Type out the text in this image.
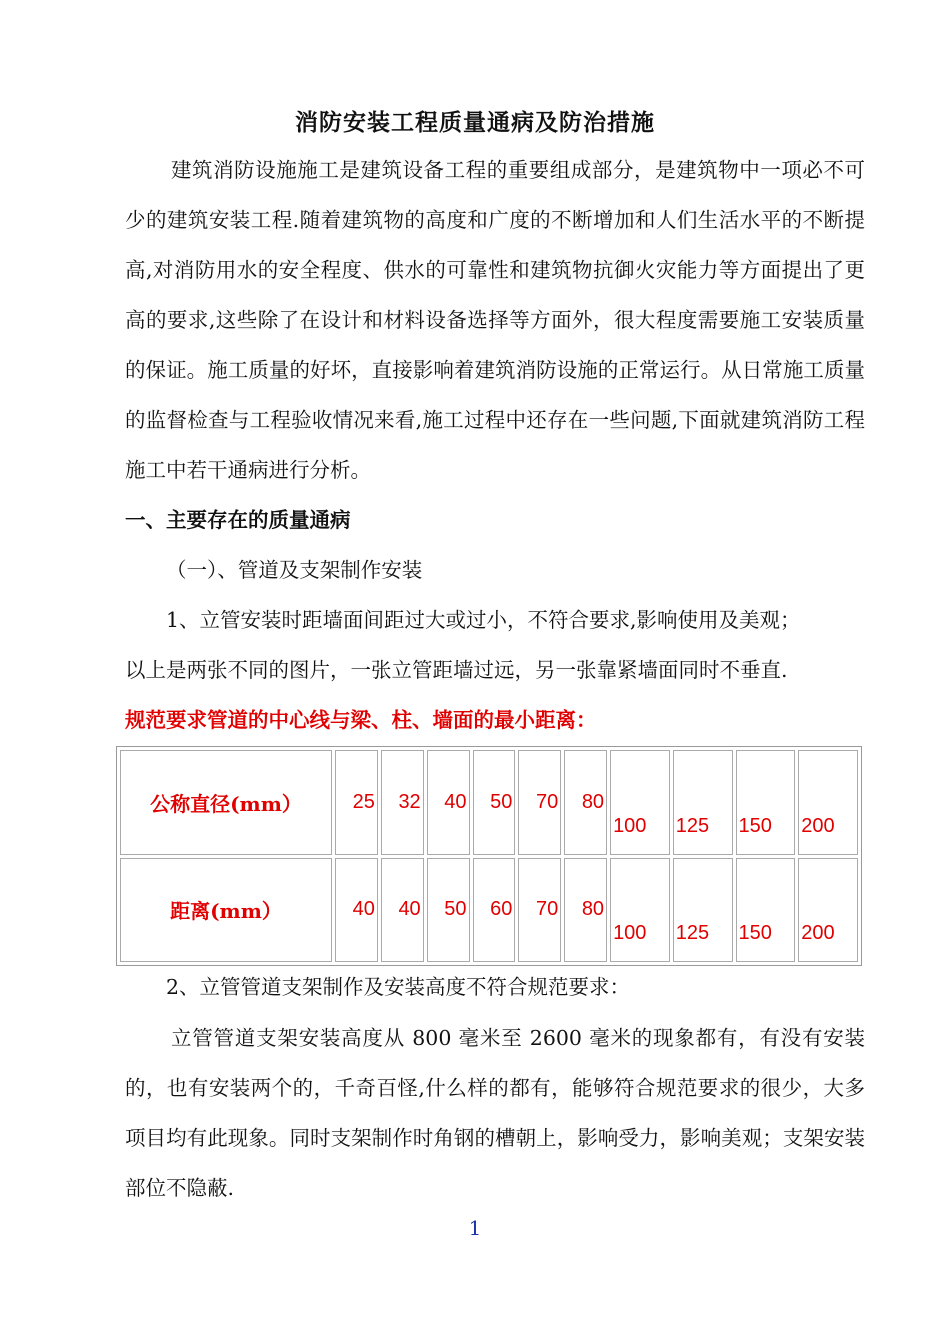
消防安装工程质量通病及防治措施

建筑消防设施施工是建筑设备工程的重要组成部分，是建筑物中一项必不可少的建筑安装工程.随着建筑物的高度和广度的不断增加和人们生活水平的不断提高,对消防用水的安全程度、供水的可靠性和建筑物抗御火灾能力等方面提出了更高的要求,这些除了在设计和材料设备选择等方面外，很大程度需要施工安装质量的保证。施工质量的好坏，直接影响着建筑消防设施的正常运行。从日常施工质量的监督检查与工程验收情况来看,施工过程中还存在一些问题,下面就建筑消防工程施工中若干通病进行分析。

一、主要存在的质量通病
（一）、管道及支架制作安装
1、立管安装时距墙面间距过大或过小，不符合要求,影响使用及美观；
以上是两张不同的图片，一张立管距墙过远，另一张靠紧墙面同时不垂直.
规范要求管道的中心线与梁、柱、墙面的最小距离：
公称直径(mm）	25	32	40	50	70	80	100	125	150	200
距离(mm）	40	40	50	60	70	80	100	125	150	200
2、立管管道支架制作及安装高度不符合规范要求：

立管管道支架安装高度从 800 毫米至 2600 毫米的现象都有，有没有安装的，也有安装两个的，千奇百怪,什么样的都有，能够符合规范要求的很少，大多项目均有此现象。同时支架制作时角钢的槽朝上，影响受力，影响美观；支架安装部位不隐蔽.

1
